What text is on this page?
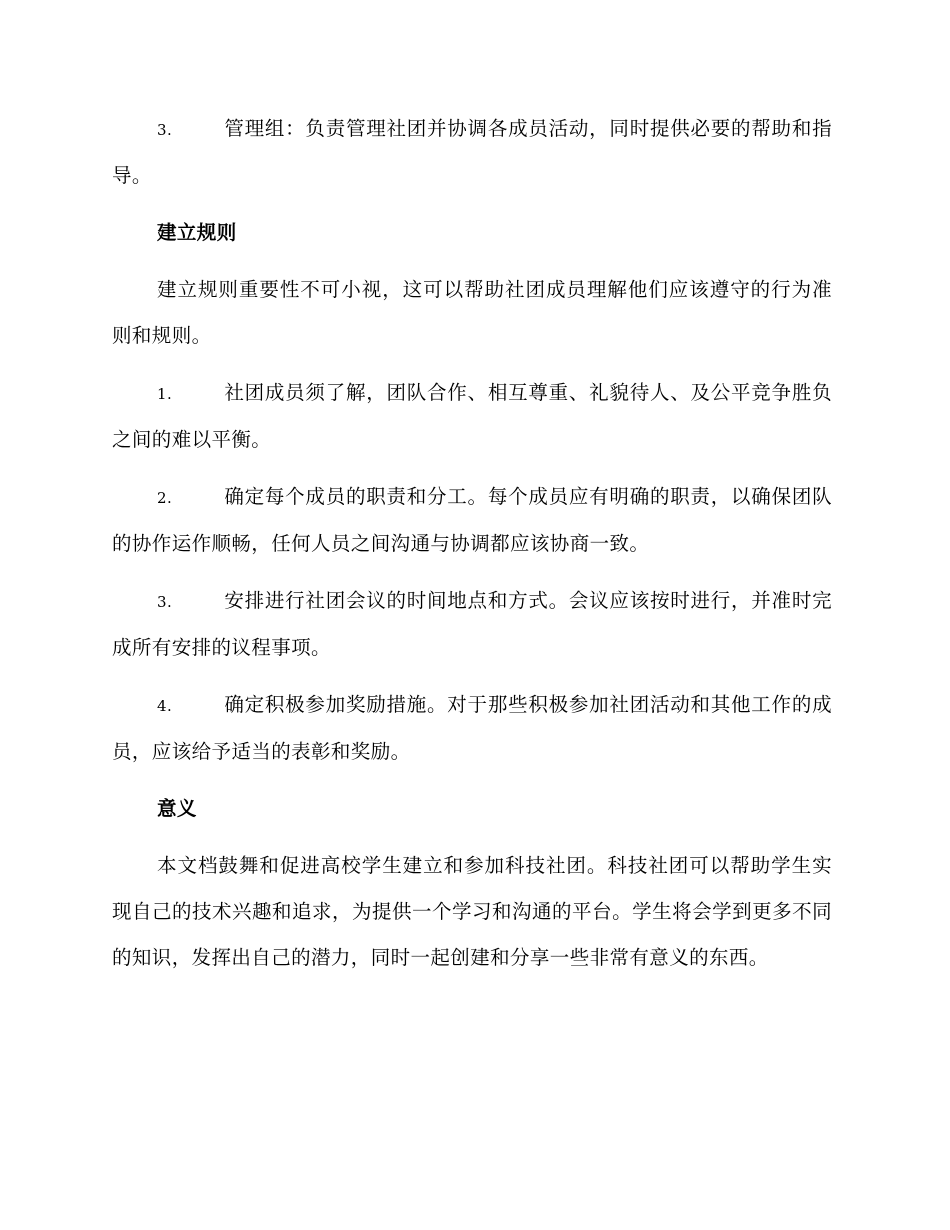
3.	管理组：负责管理社团并协调各成员活动，同时提供必要的帮助和指导。

建立规则

建立规则重要性不可小视，这可以帮助社团成员理解他们应该遵守的行为准则和规则。

1.	社团成员须了解，团队合作、相互尊重、礼貌待人、及公平竞争胜负之间的难以平衡。

2.	确定每个成员的职责和分工。每个成员应有明确的职责，以确保团队的协作运作顺畅，任何人员之间沟通与协调都应该协商一致。

3.	安排进行社团会议的时间地点和方式。会议应该按时进行，并准时完成所有安排的议程事项。

4.	确定积极参加奖励措施。对于那些积极参加社团活动和其他工作的成员，应该给予适当的表彰和奖励。

意义

本文档鼓舞和促进高校学生建立和参加科技社团。科技社团可以帮助学生实现自己的技术兴趣和追求，为提供一个学习和沟通的平台。学生将会学到更多不同的知识，发挥出自己的潜力，同时一起创建和分享一些非常有意义的东西。
